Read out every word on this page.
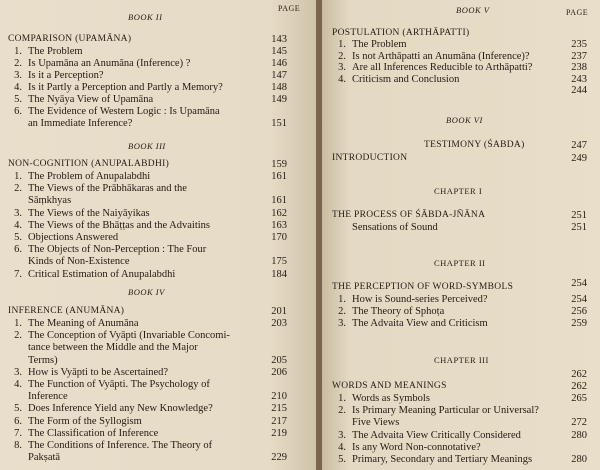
PAGE
BOOK II
COMPARISON (UPAMĀNA)	143
1. The Problem	145
2. Is Upamāna an Anumāna (Inference) ?	146
3. Is it a Perception?	147
4. Is it Partly a Perception and Partly a Memory?	148
5. The Nyāya View of Upamāna	149
6. The Evidence of Western Logic : Is Upamāna
an Immediate Inference?	151
BOOK III
NON-COGNITION (ANUPALABDHI)	159
1. The Problem of Anupalabdhi	161
2. The Views of the Prābhākaras and the
Sāṃkhyas	161
3. The Views of the Naiyāyikas	162
4. The Views of the Bhāṭṭas and the Advaitins	163
5. Objections Answered	170
6. The Objects of Non-Perception : The Four
Kinds of Non-Existence	175
7. Critical Estimation of Anupalabdhi	184
BOOK IV
INFERENCE (ANUMĀNA)	201
1. The Meaning of Anumāna	203
2. The Conception of Vyāpti (Invariable Concomi-
tance between the Middle and the Major
Terms)	205
3. How is Vyāpti to be Ascertained?	206
4. The Function of Vyāpti. The Psychology of
Inference	210
5. Does Inference Yield any New Knowledge?	215
6. The Form of the Syllogism	217
7. The Classification of Inference	219
8. The Conditions of Inference. The Theory of
Pakṣatā	229
BOOK V	PAGE
POSTULATION (ARTHĀPATTI)
1. The Problem	235
2. Is not Arthāpatti an Anumāna (Inference)?	237
3. Are all Inferences Reducible to Arthāpatti?	238
4. Criticism and Conclusion	243
244
BOOK VI
TESTIMONY (ŚABDA)	247
INTRODUCTION	249
CHAPTER I
THE PROCESS OF ŚĀBDA-JÑĀNA	251
Sensations of Sound	251
CHAPTER II
THE PERCEPTION OF WORD-SYMBOLS	254
1. How is Sound-series Perceived?	254
2. The Theory of Sphoṭa	256
3. The Advaita View and Criticism	259
CHAPTER III
262
WORDS AND MEANINGS	262
1. Words as Symbols	265
2. Is Primary Meaning Particular or Universal?
Five Views	272
3. The Advaita View Critically Considered	280
4. Is any Word Non-connotative?
5. Primary, Secondary and Tertiary Meanings	280
